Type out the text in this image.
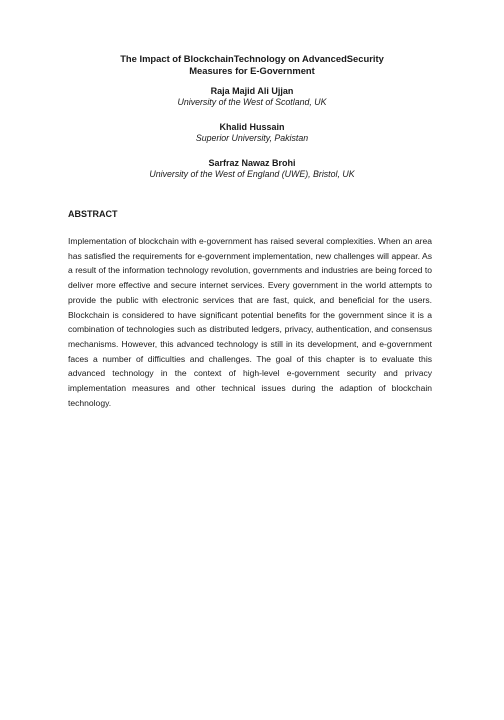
The Impact of BlockchainTechnology on AdvancedSecurity
Measures for E-Government
Raja Majid Ali Ujjan
University of the West of Scotland, UK
Khalid Hussain
Superior University, Pakistan
Sarfraz Nawaz Brohi
University of the West of England (UWE), Bristol, UK
ABSTRACT

Implementation of blockchain with e-government has raised several complexities. When an area has satisfied the requirements for e-government implementation, new challenges will appear. As a result of the information technology revolution, governments and industries are being forced to deliver more effective and secure internet services. Every government in the world attempts to provide the public with electronic services that are fast, quick, and beneficial for the users. Blockchain is considered to have significant potential benefits for the government since it is a combination of technologies such as distributed ledgers, privacy, authentication, and consensus mechanisms. However, this advanced technology is still in its development, and e-government faces a number of difficulties and challenges. The goal of this chapter is to evaluate this advanced technology in the context of high-level e-government security and privacy implementation measures and other technical issues during the adaption of blockchain technology.
